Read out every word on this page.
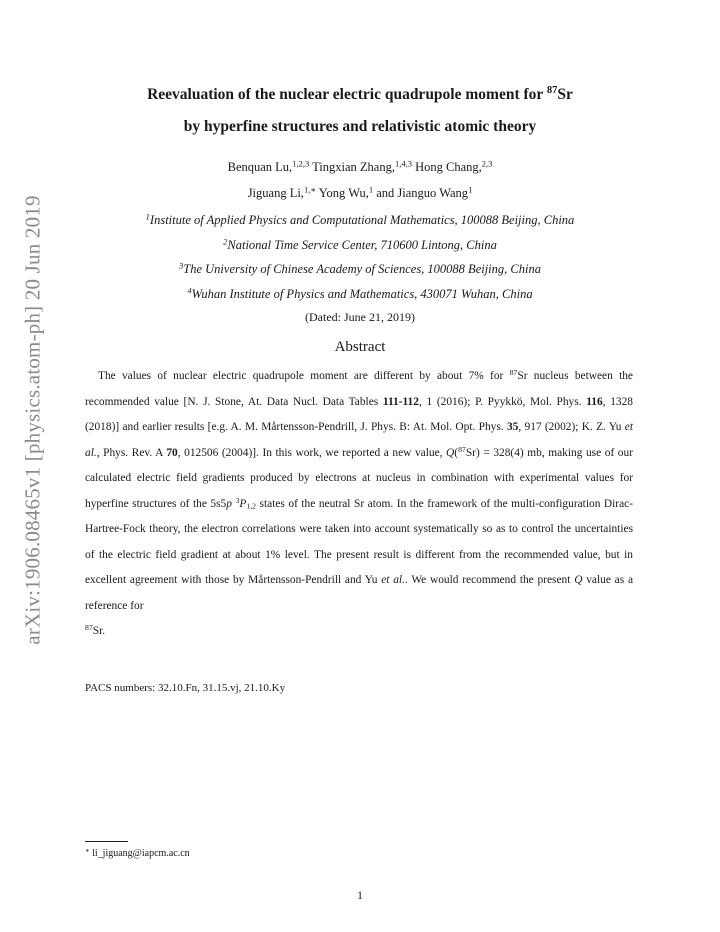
arXiv:1906.08465v1 [physics.atom-ph] 20 Jun 2019
Reevaluation of the nuclear electric quadrupole moment for $^{87}$Sr
by hyperfine structures and relativistic atomic theory
Benquan Lu,$^{1,2,3}$ Tingxian Zhang,$^{1,4,3}$ Hong Chang,$^{2,3}$
Jiguang Li,$^{1,∗}$ Yong Wu,$^1$ and Jianguo Wang$^1$
$^1$Institute of Applied Physics and Computational Mathematics, 100088 Beijing, China
$^2$National Time Service Center, 710600 Lintong, China
$^3$The University of Chinese Academy of Sciences, 100088 Beijing, China
$^4$Wuhan Institute of Physics and Mathematics, 430071 Wuhan, China
(Dated: June 21, 2019)
Abstract
The values of nuclear electric quadrupole moment are different by about 7% for $^{87}$Sr nucleus between the recommended value [N. J. Stone, At. Data Nucl. Data Tables 111-112, 1 (2016); P. Pyykkö, Mol. Phys. 116, 1328 (2018)] and earlier results [e.g. A. M. Mårtensson-Pendrill, J. Phys. B: At. Mol. Opt. Phys. 35, 917 (2002); K. Z. Yu et al., Phys. Rev. A 70, 012506 (2004)]. In this work, we reported a new value, Q($^{87}$Sr) = 328(4) mb, making use of our calculated electric field gradients produced by electrons at nucleus in combination with experimental values for hyperfine structures of the 5s5p $^3P_{1,2}$ states of the neutral Sr atom. In the framework of the multi-configuration Dirac-Hartree-Fock theory, the electron correlations were taken into account systematically so as to control the uncertainties of the electric field gradient at about 1% level. The present result is different from the recommended value, but in excellent agreement with those by Mårtensson-Pendrill and Yu et al.. We would recommend the present Q value as a reference for
$^{87}$Sr.
PACS numbers: 32.10.Fn, 31.15.vj, 21.10.Ky
∗ li_jiguang@iapcm.ac.cn
1
